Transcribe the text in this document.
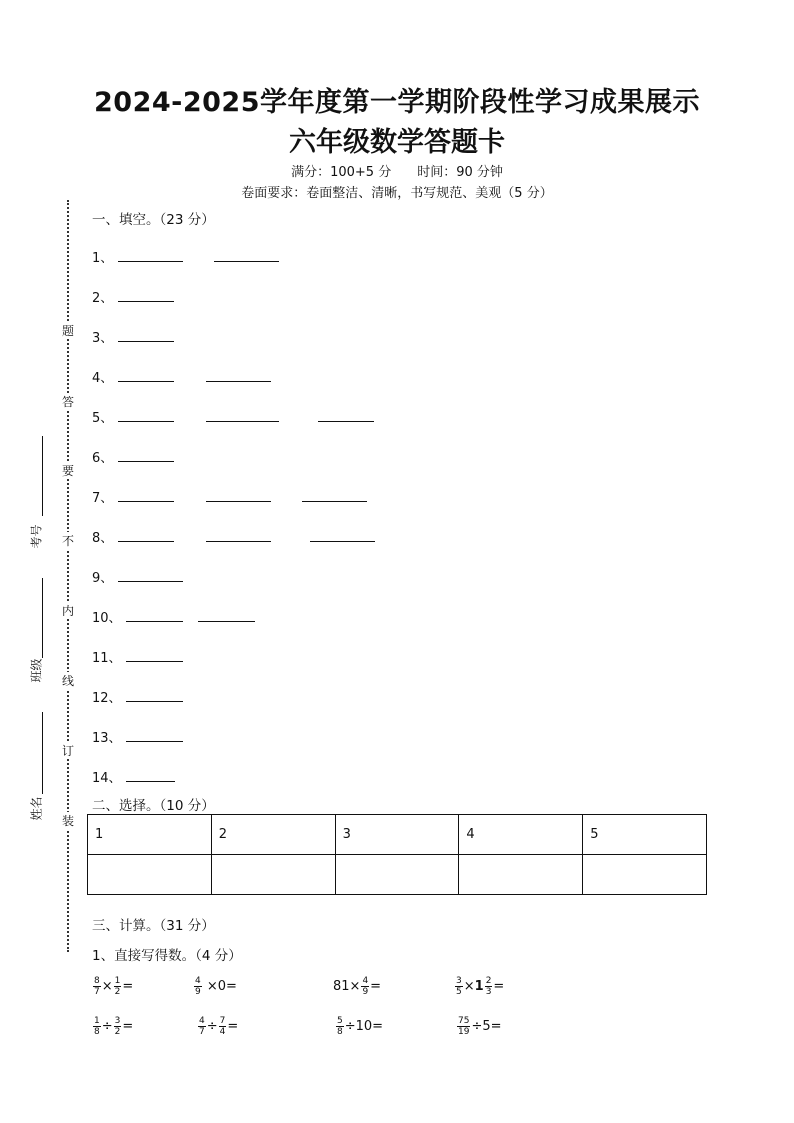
2024-2025学年度第一学期阶段性学习成果展示
六年级数学答题卡
满分：100+5 分　　时间：90 分钟
卷面要求：卷面整洁、清晰，书写规范、美观（5 分）
题
答
要
不
内
线
订
装
考号
班级
姓名
一、填空。（23 分）
1、
2、
3、
4、
5、
6、
7、
8、
9、
10、
11、
12、
13、
14、
二、选择。（10 分）
1	2	3	4	5

三、计算。（31 分）
1、直接写得数。（4 分）
$\frac{8}{7} \times \frac{1}{2}$ =	$\frac{4}{9} \times 0=$	$81\times \frac{4}{9}$ =	$\frac{3}{5} \times 1 \frac{2}{3}$ =
$\frac{1}{8} \div \frac{3}{2}$ =	$\frac{4}{7} \div \frac{7}{4}$ =	$\frac{5}{8} \div 10=$	$\frac{75}{19} \div 5=$
